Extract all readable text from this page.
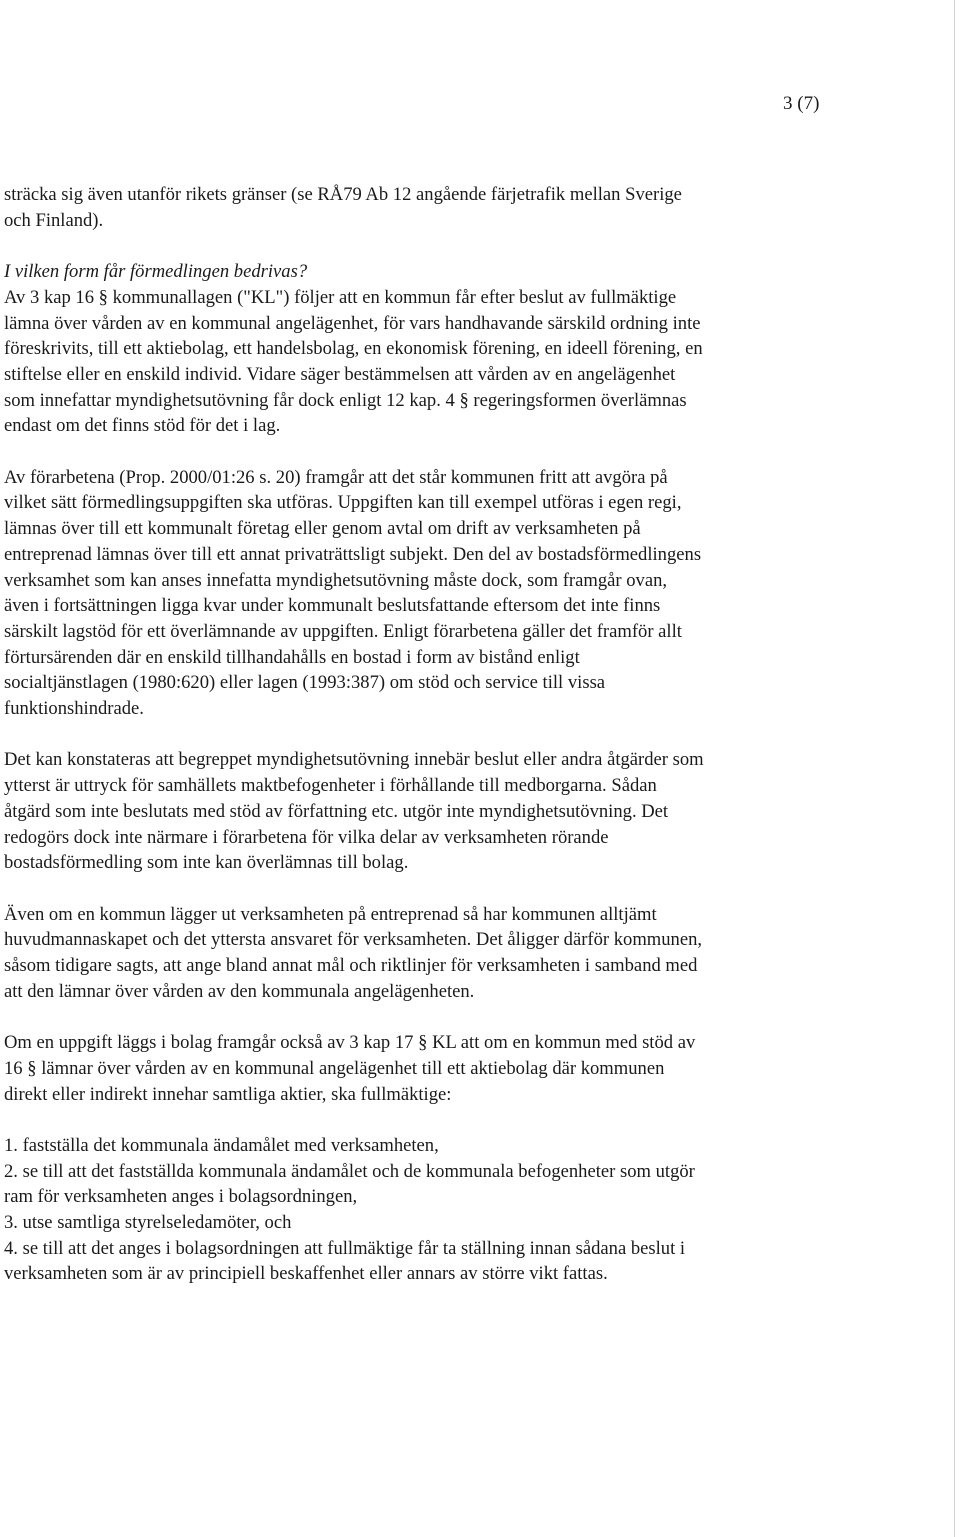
3 (7)

sträcka sig även utanför rikets gränser (se RÅ79 Ab 12 angående färjetrafik mellan Sverige
och Finland).

I vilken form får förmedlingen bedrivas?
Av 3 kap 16 § kommunallagen ("KL") följer att en kommun får efter beslut av fullmäktige
lämna över vården av en kommunal angelägenhet, för vars handhavande särskild ordning inte
föreskrivits, till ett aktiebolag, ett handelsbolag, en ekonomisk förening, en ideell förening, en
stiftelse eller en enskild individ. Vidare säger bestämmelsen att vården av en angelägenhet
som innefattar myndighetsutövning får dock enligt 12 kap. 4 § regeringsformen överlämnas
endast om det finns stöd för det i lag.

Av förarbetena (Prop. 2000/01:26 s. 20) framgår att det står kommunen fritt att avgöra på
vilket sätt förmedlingsuppgiften ska utföras. Uppgiften kan till exempel utföras i egen regi,
lämnas över till ett kommunalt företag eller genom avtal om drift av verksamheten på
entreprenad lämnas över till ett annat privaträttsligt subjekt. Den del av bostadsförmedlingens
verksamhet som kan anses innefatta myndighetsutövning måste dock, som framgår ovan,
även i fortsättningen ligga kvar under kommunalt beslutsfattande eftersom det inte finns
särskilt lagstöd för ett överlämnande av uppgiften. Enligt förarbetena gäller det framför allt
förtursärenden där en enskild tillhandahålls en bostad i form av bistånd enligt
socialtjänstlagen (1980:620) eller lagen (1993:387) om stöd och service till vissa
funktionshindrade.

Det kan konstateras att begreppet myndighetsutövning innebär beslut eller andra åtgärder som
ytterst är uttryck för samhällets maktbefogenheter i förhållande till medborgarna. Sådan
åtgärd som inte beslutats med stöd av författning etc. utgör inte myndighetsutövning. Det
redogörs dock inte närmare i förarbetena för vilka delar av verksamheten rörande
bostadsförmedling som inte kan överlämnas till bolag.

Även om en kommun lägger ut verksamheten på entreprenad så har kommunen alltjämt
huvudmannaskapet och det yttersta ansvaret för verksamheten. Det åligger därför kommunen,
såsom tidigare sagts, att ange bland annat mål och riktlinjer för verksamheten i samband med
att den lämnar över vården av den kommunala angelägenheten.

Om en uppgift läggs i bolag framgår också av 3 kap 17 § KL att om en kommun med stöd av
16 § lämnar över vården av en kommunal angelägenhet till ett aktiebolag där kommunen
direkt eller indirekt innehar samtliga aktier, ska fullmäktige:

1. fastställa det kommunala ändamålet med verksamheten,
2. se till att det fastställda kommunala ändamålet och de kommunala befogenheter som utgör
ram för verksamheten anges i bolagsordningen,
3. utse samtliga styrelseledamöter, och
4. se till att det anges i bolagsordningen att fullmäktige får ta ställning innan sådana beslut i
verksamheten som är av principiell beskaffenhet eller annars av större vikt fattas.
